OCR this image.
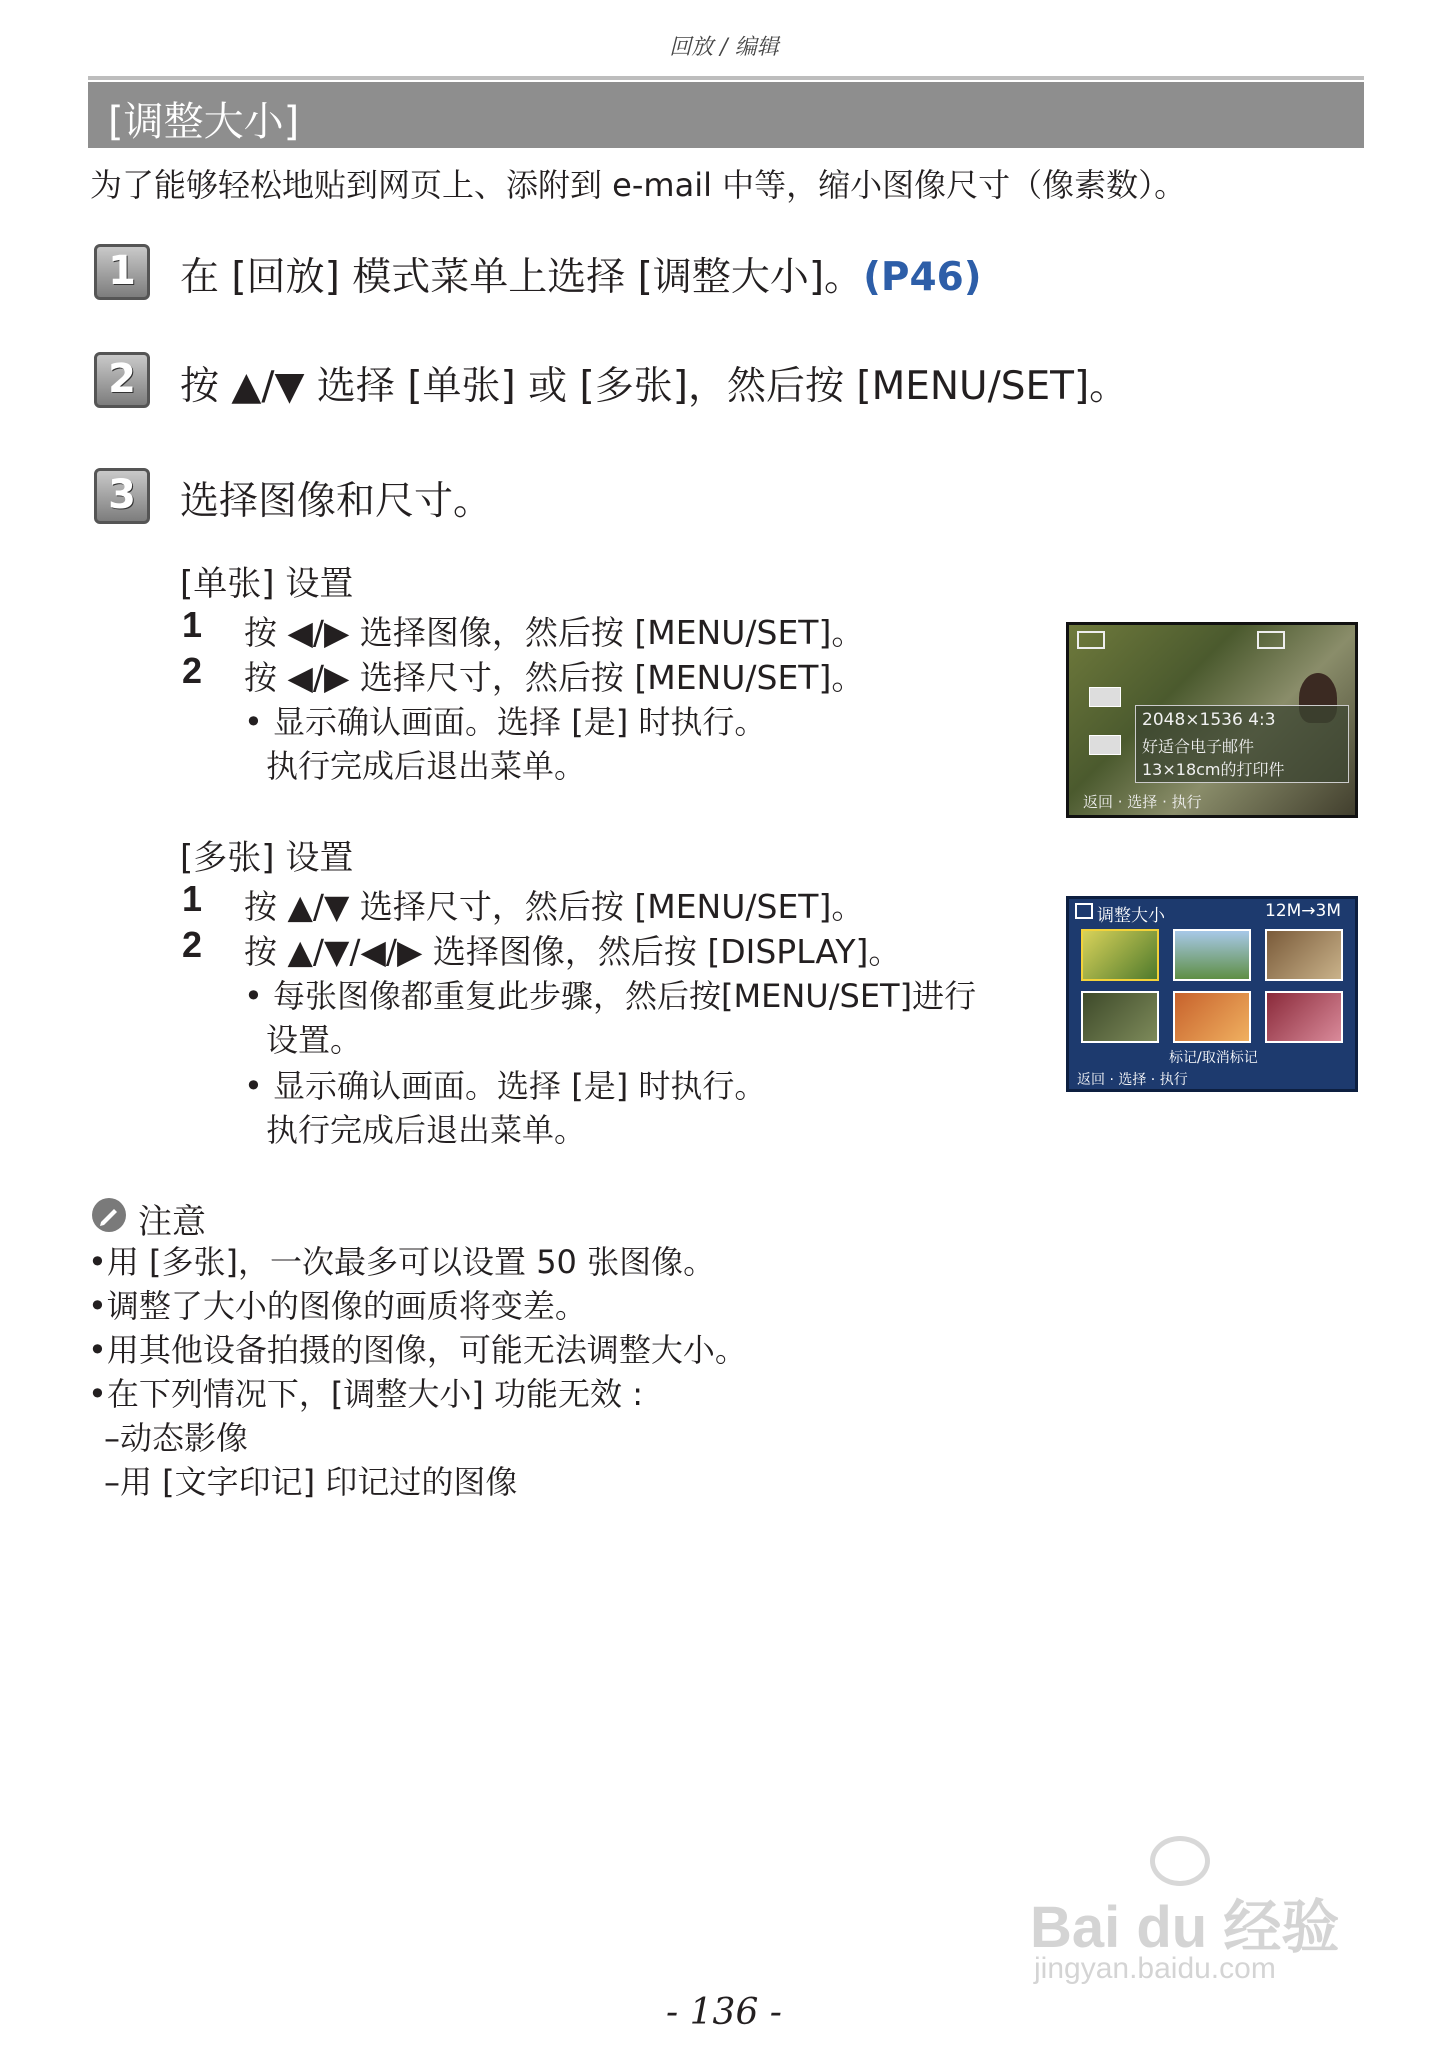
回放 / 编辑
[调整大小]
为了能够轻松地贴到网页上、添附到 e-mail 中等，缩小图像尺寸（像素数）。
1	在 [回放] 模式菜单上选择 [调整大小]。(P46)
2	按 ▲/▼ 选择 [单张] 或 [多张]，然后按 [MENU/SET]。
3	选择图像和尺寸。
[单张] 设置
1 按 ◀/▶ 选择图像，然后按 [MENU/SET]。
2 按 ◀/▶ 选择尺寸，然后按 [MENU/SET]。
• 显示确认画面。选择 [是] 时执行。
执行完成后退出菜单。
2048×1536 4:3
好适合电子邮件
13×18cm的打印件
返回 · 选择 · 执行
[多张] 设置
1 按 ▲/▼ 选择尺寸，然后按 [MENU/SET]。
2 按 ▲/▼/◀/▶ 选择图像，然后按 [DISPLAY]。
• 每张图像都重复此步骤，然后按[MENU/SET]进行
设置。
• 显示确认画面。选择 [是] 时执行。
执行完成后退出菜单。
调整大小	12M→3M
标记/取消标记
返回 · 选择 · 执行
注意
•用 [多张]，一次最多可以设置 50 张图像。
•调整了大小的图像的画质将变差。
•用其他设备拍摄的图像，可能无法调整大小。
•在下列情况下，[调整大小] 功能无效 :
–动态影像
–用 [文字印记] 印记过的图像
Bai du 经验
jingyan.baidu.com
- 136 -
